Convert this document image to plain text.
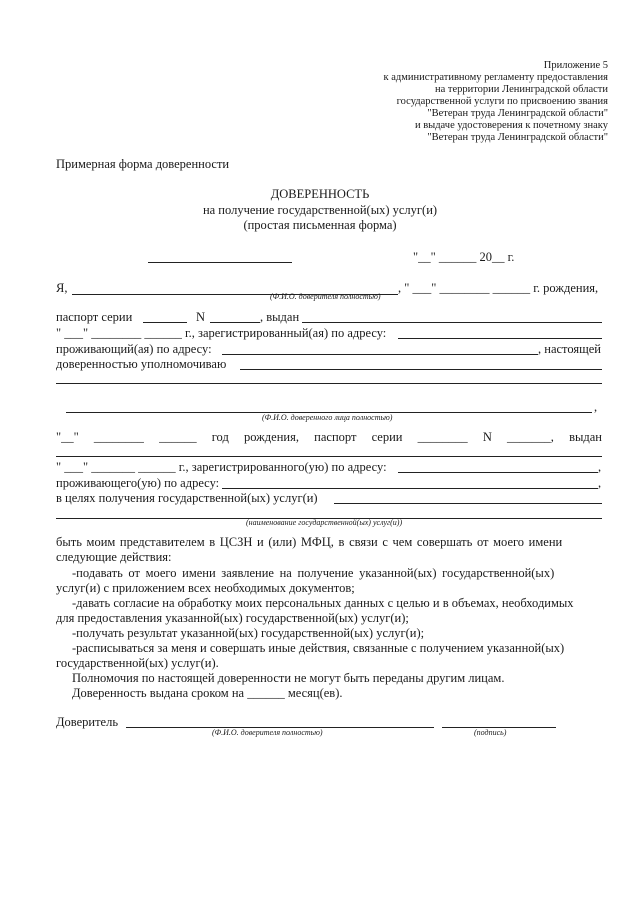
Приложение 5
к административному регламенту предоставления
на территории Ленинградской области
государственной услуги по присвоению звания
"Ветеран труда Ленинградской области"
и выдаче удостоверения к почетному знаку
"Ветеран труда Ленинградской области"
Примерная форма доверенности
ДОВЕРЕННОСТЬ
на получение государственной(ых) услуг(и)
(простая письменная форма)
"__" ______ 20__ г.
Я,	, " ___" ________ ______ г. рождения,
(Ф.И.О. доверителя полностью)
паспорт серии	N	, выдан
" ___" ________ ______ г., зарегистрированный(ая) по адресу:
проживающий(ая) по адресу:	, настоящей
доверенностью уполномочиваю
,
(Ф.И.О. доверенного лица полностью)
"__" ________ ______ год рождения, паспорт серии ________ N _______, выдан
" ___" _______ ______ г., зарегистрированного(ую) по адресу:	,
проживающего(ую) по адресу:	,
в целях получения государственной(ых) услуг(и)
(наименование государственной(ых) услуг(и))
быть моим представителем в ЦСЗН и (или) МФЦ, в связи с чем совершать от моего имени
следующие действия:
-подавать от моего имени заявление на получение указанной(ых) государственной(ых)
услуг(и) с приложением всех необходимых документов;
-давать согласие на обработку моих персональных данных с целью и в объемах, необходимых
для предоставления указанной(ых) государственной(ых) услуг(и);
-получать результат указанной(ых) государственной(ых) услуг(и);
-расписываться за меня и совершать иные действия, связанные с получением указанной(ых)
государственной(ых) услуг(и).
Полномочия по настоящей доверенности не могут быть переданы другим лицам.
Доверенность выдана сроком на ______ месяц(ев).
Доверитель
(Ф.И.О. доверителя полностью)	(подпись)
